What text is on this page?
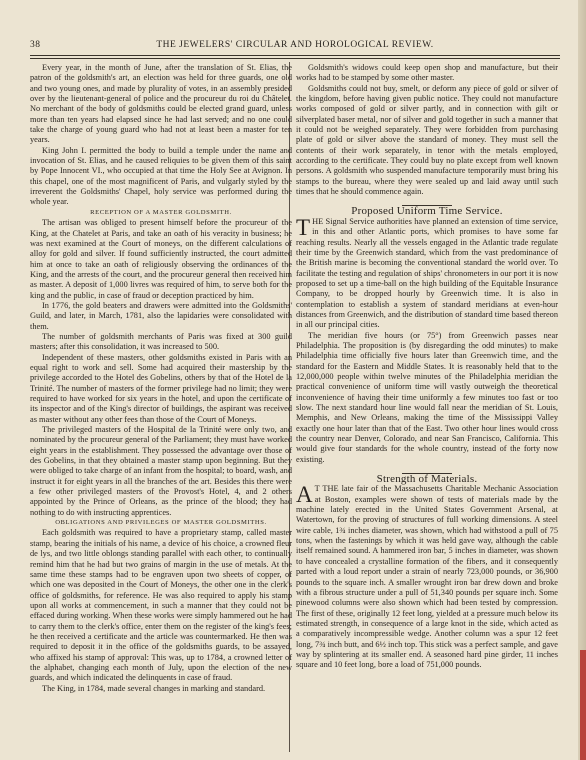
38	THE JEWELERS' CIRCULAR AND HOROLOGICAL REVIEW.

Every year, in the month of June, after the translation of St. Elias, the patron of the goldsmith's art, an election was held for three guards, one old and two young ones, and made by plurality of votes, in an assembly presided over by the lieutenant-general of police and the procureur du roi du Châtelet. No merchant of the body of goldsmiths could be elected grand guard, unless more than ten years had elapsed since he had last served; and no one could take the charge of young guard who had not at least been a master for ten years.

King John I. permitted the body to build a temple under the name and invocation of St. Elias, and he caused reliquies to be given them of this saint by Pope Innocent VI., who occupied at that time the Holy See at Avignon. In this chapel, one of the most magnificent of Paris, and vulgarly styled by the irreverent the Goldsmiths' Chapel, holy service was performed during the whole year.

RECEPTION OF A MASTER GOLDSMITH.

The artisan was obliged to present himself before the procureur of the King, at the Chatelet at Paris, and take an oath of his veracity in business; he was next examined at the Court of moneys, on the different calculations of alloy for gold and silver. If found sufficiently instructed, the court admitted him at once to take an oath of religiously observing the ordinances of the King, and the arrests of the court, and the procureur general then received him as master. A deposit of 1,000 livres was required of him, to serve both for the king and the public, in case of fraud or deception practiced by him.

In 1776, the gold beaters and drawers were admitted into the Goldsmiths' Guild, and later, in March, 1781, also the lapidaries were consolidated with them.

The number of goldsmith merchants of Paris was fixed at 300 guild masters; after this consolidation, it was increased to 500.

Independent of these masters, other goldsmiths existed in Paris with an equal right to work and sell. Some had acquired their mastership by the privilege accorded to the Hotel des Gobelins, others by that of the Hotel de la Trinité. The number of masters of the former privilege had no limit; they were required to have worked for six years in the hotel, and upon the certificate of its inspector and of the King's director of buildings, the aspirant was received as master without any other fees than those of the Court of Moneys.

The privileged masters of the Hospital de la Trinité were only two, and nominated by the procureur general of the Parliament; they must have worked eight years in the establishment. They possessed the advantage over those of des Gobelins, in that they obtained a master stamp upon beginning. But they were obliged to take charge of an infant from the hospital; to board, wash, and instruct it for eight years in all the branches of the art. Besides this there were a few other privileged masters of the Provost's Hotel, 4, and 2 others appointed by the Prince of Orleans, as the prince of the blood; they had nothing to do with instructing apprentices.

OBLIGATIONS AND PRIVILEGES OF MASTER GOLDSMITHS.

Each goldsmith was required to have a proprietary stamp, called master stamp, bearing the initials of his name, a device of his choice, a crowned fleur de lys, and two little oblongs standing parallel with each other, to continually remind him that he had but two grains of margin in the use of metals. At the same time these stamps had to be engraven upon two sheets of copper, of which one was deposited in the Court of Moneys, the other one in the clerk's office of goldsmiths, for reference. He was also required to apply his stamp upon all works at commencement, in such a manner that they could not be effaced during working. When these works were simply hammered out he had to carry them to the clerk's office, enter them on the register of the king's fees; he then received a certificate and the article was countermarked. He then was required to deposit it in the office of the goldsmiths guards, to be assayed, who affixed his stamp of approval: This was, up to 1784, a crowned letter of the alphabet, changing each month of July, upon the election of the new guards, and which indicated the delinquents in case of fraud.

The King, in 1784, made several changes in marking and standard.

Goldsmith's widows could keep open shop and manufacture, but their works had to be stamped by some other master.

Goldsmiths could not buy, smelt, or deform any piece of gold or silver of the kingdom, before having given public notice. They could not manufacture works composed of gold or silver partly, and in connection with gilt or silverplated baser metal, nor of silver and gold together in such a manner that it could not be weighed separately. They were forbidden from purchasing plate of gold or silver above the standard of money. They must sell the contents of their work separately, in tenor with the metals employed, according to the certificate. They could buy no plate except from well known persons. A goldsmith who suspended manufacture temporarily must bring his stamps to the bureau, where they were sealed up and laid away until such times that he should commence again.

Proposed Uniform Time Service.

THE Signal Service authorities have planned an extension of time service, in this and other Atlantic ports, which promises to have some far reaching results. Nearly all the vessels engaged in the Atlantic trade regulate their time by the Greenwich standard, which from the vast predominance of the British marine is becoming the conventional standard the world over. To facilitate the testing and regulation of ships' chronometers in our port it is now proposed to set up a time-ball on the high building of the Equitable Insurance Company, to be dropped hourly by Greenwich time. It is also in contemplation to establish a system of standard meridians at even-hour distances from Greenwich, and the distribution of standard time based thereon in all our principal cities.

The meridian five hours (or 75°) from Greenwich passes near Philadelphia. The proposition is (by disregarding the odd minutes) to make Philadelphia time officially five hours later than Greenwich time, and the standard for the Eastern and Middle States. It is reasonably held that to the 12,000,000 people within twelve minutes of the Philadelphia meridian the practical convenience of uniform time will vastly outweigh the theoretical inconvenience of having their time uniformly a few minutes too fast or too slow. The next standard hour line would fall near the meridian of St. Louis, Memphis, and New Orleans, making the time of the Mississippi Valley exactly one hour later than that of the East. Two other hour lines would cross the country near Denver, Colorado, and near San Francisco, California. This would give four standards for the whole country, instead of the forty now existing.

Strength of Materials.

A T THE late fair of the Massachusetts Charitable Mechanic Association at Boston, examples were shown of tests of materials made by the machine lately erected in the United States Government Arsenal, at Watertown, for the proving of structures of full working dimensions. A steel wire cable, 1¾ inches diameter, was shown, which had withstood a pull of 75 tons, when the fastenings by which it was held gave way, although the cable itself remained sound. A hammered iron bar, 5 inches in diameter, was shown to have concealed a crystalline formation of the fibers, and it consequently parted with a loud report under a strain of nearly 723,000 pounds, or 36,900 pounds to the square inch. A smaller wrought iron bar drew down and broke with a fibrous structure under a pull of 51,340 pounds per square inch. Some pinewood columns were also shown which had been tested by compression. The first of these, originally 12 feet long, yielded at a pressure much below its estimated strength, in consequence of a large knot in the side, which acted as a comparatively incompressible wedge. Another column was a spur 12 feet long, 7¾ inch butt, and 6½ inch top. This stick was a perfect sample, and gave way by splintering at its smaller end. A seasoned hard pine girder, 11 inches square and 10 feet long, bore a load of 751,000 pounds.
